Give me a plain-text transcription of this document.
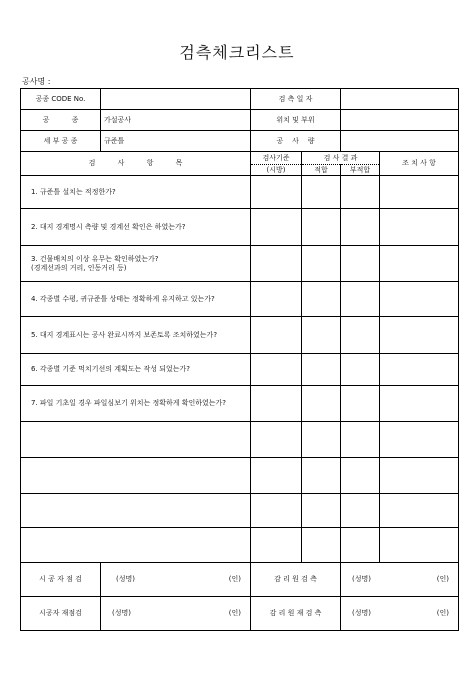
검측체크리스트
공사명 :
공종 CODE No.		검 측 일 자			
공          종	가설공사	위치 및 부위			
세 부 공 종	규준틀	공    사    량			
검          사          항          목		검사기준	검 사 결 과		조 치 사 항
		(시방)	적합	부적합	
1. 규준틀 설치는 적정한가?					
2. 대지 경계명시 측량 및 경계선 확인은 하였는가?					
3. 건물배치의 이상 유무는 확인하였는가?
(경계선과의 거리, 인동거리 등)					
4. 각종별 수평, 귀규준틀 상태는 정확하게 유지하고 있는가?					
5. 대지 경계표시는 공사 완료시까지 보존토록 조치하였는가?					
6. 각종별 기준 먹치기선의 계획도는 작성 되었는가?					
7. 파일 기초일 경우 파일심보기 위치는 정확하게 확인하였는가?					

시 공 자 점 검	(성명) (인)	감 리 원 검 측		(성명) (인)	

시공자 재점검	(성명) (인)	감 리 원 재 검 측		(성명) (인)	
